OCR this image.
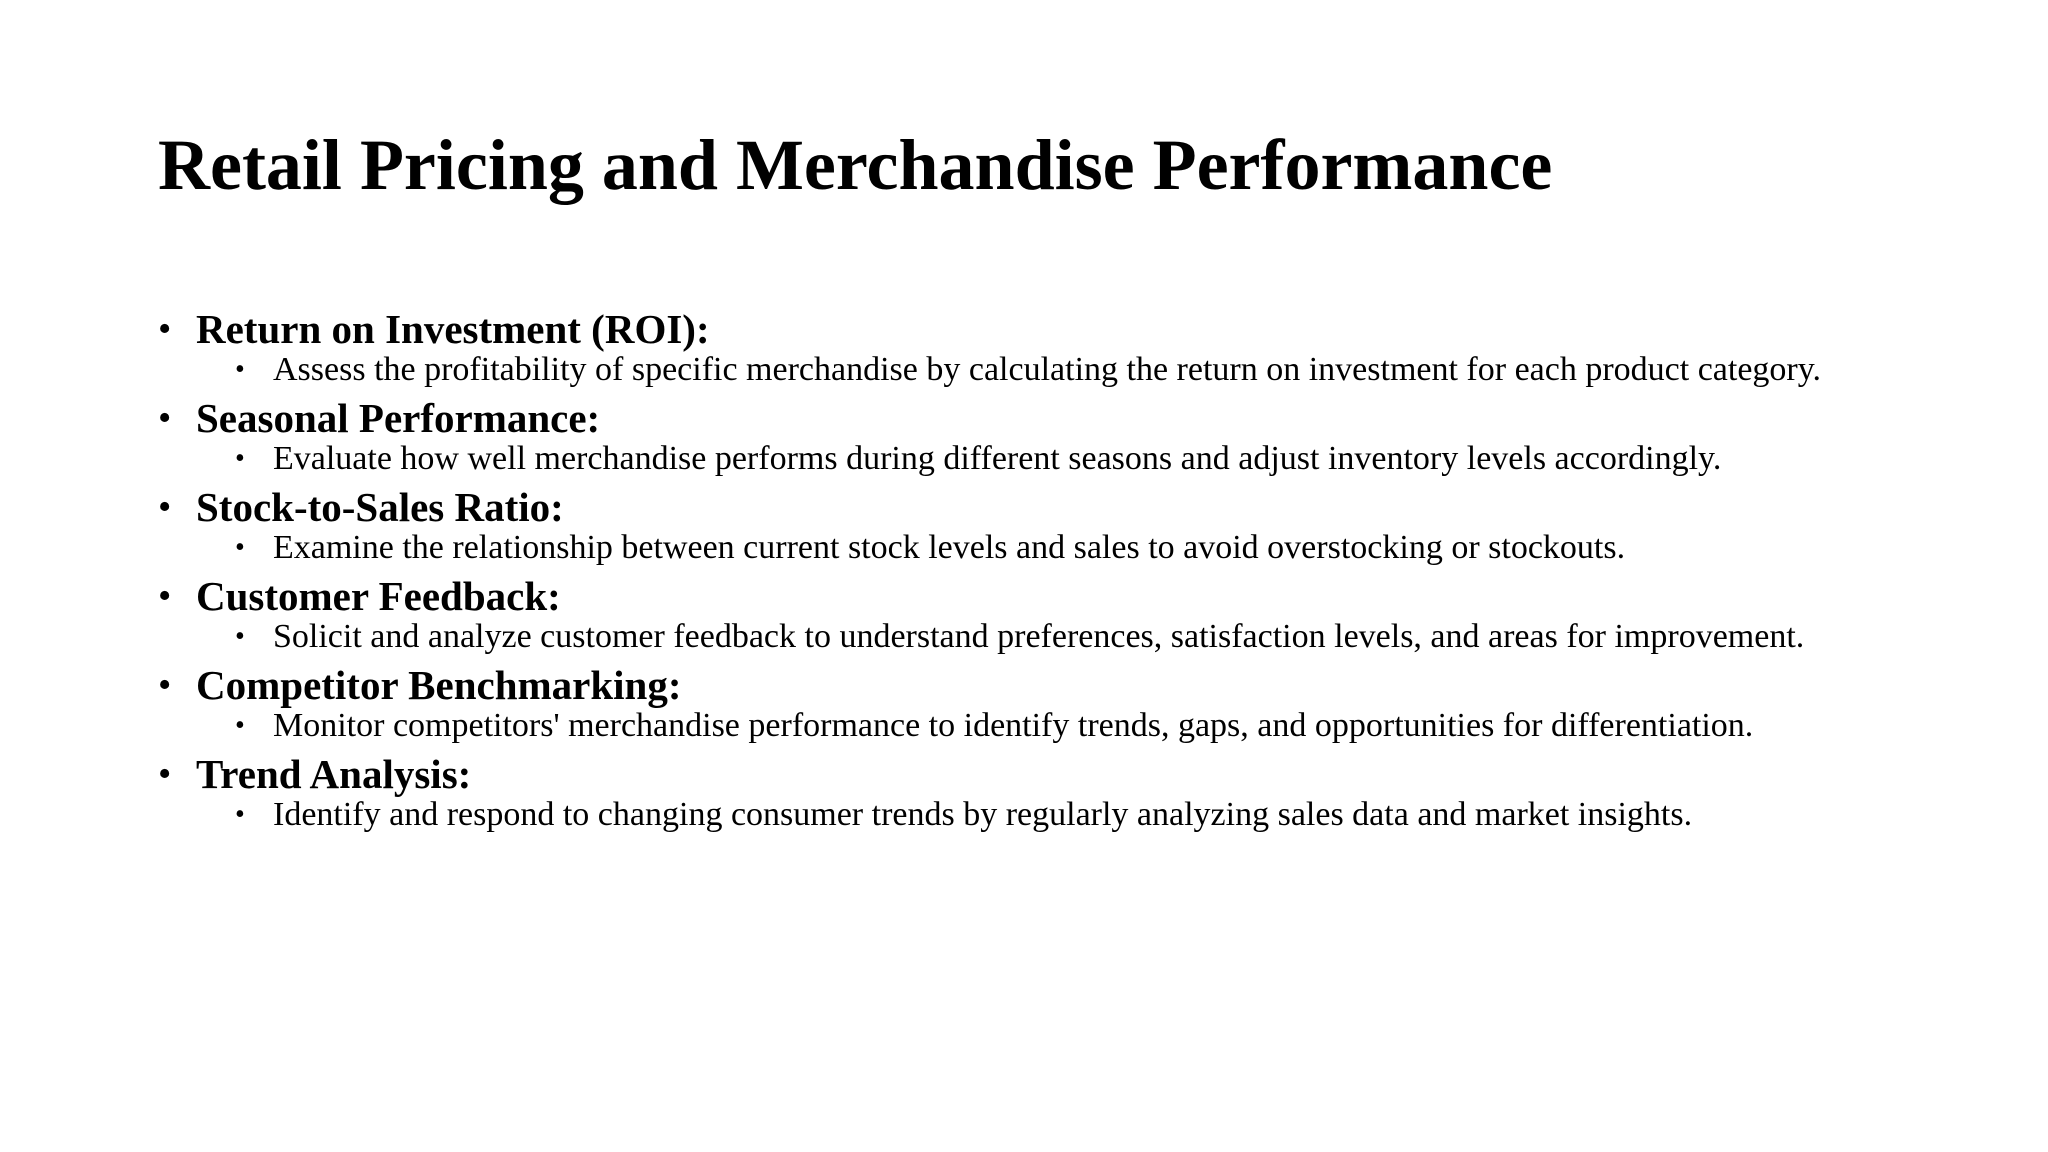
Retail Pricing and Merchandise Performance
• Return on Investment (ROI):

• Assess the profitability of specific merchandise by calculating the return on investment for each product category.

• Seasonal Performance:

• Evaluate how well merchandise performs during different seasons and adjust inventory levels accordingly.

• Stock-to-Sales Ratio:

• Examine the relationship between current stock levels and sales to avoid overstocking or stockouts.

• Customer Feedback:

• Solicit and analyze customer feedback to understand preferences, satisfaction levels, and areas for improvement.

• Competitor Benchmarking:

• Monitor competitors' merchandise performance to identify trends, gaps, and opportunities for differentiation.

• Trend Analysis:

• Identify and respond to changing consumer trends by regularly analyzing sales data and market insights.
